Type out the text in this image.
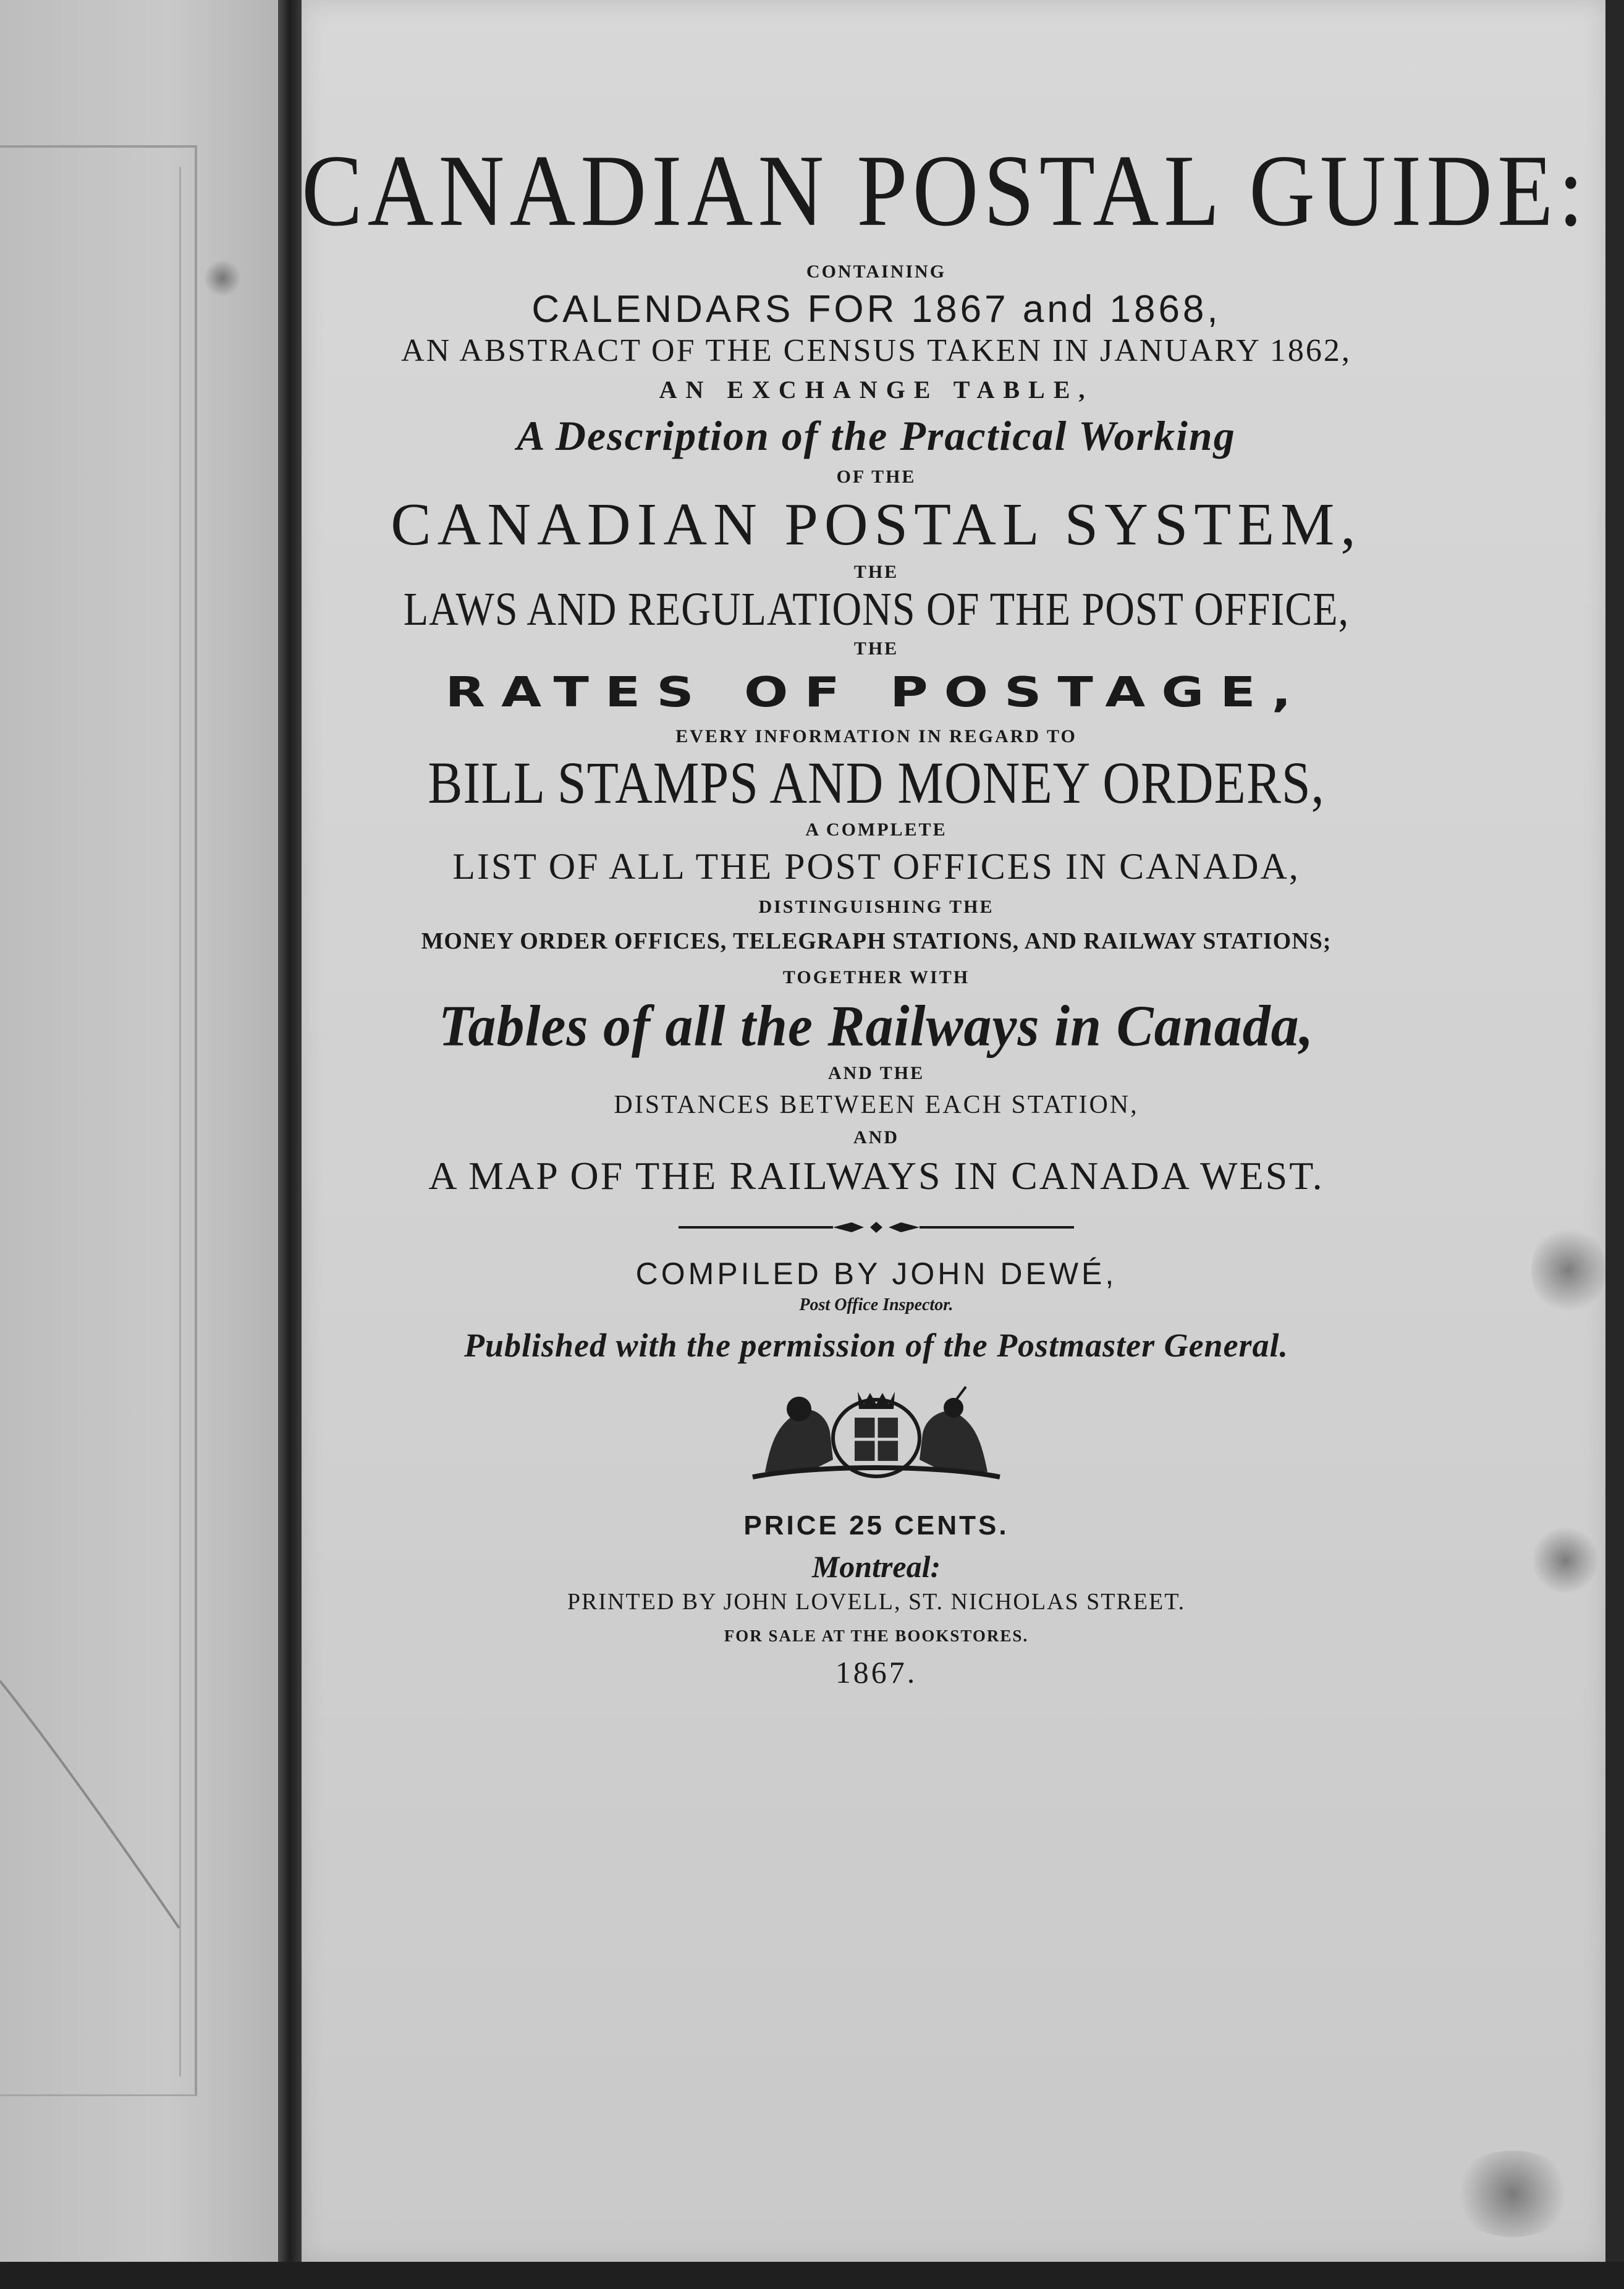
CANADIAN POSTAL GUIDE:
CONTAINING
CALENDARS FOR 1867 and 1868,
AN ABSTRACT OF THE CENSUS TAKEN IN JANUARY 1862,
AN EXCHANGE TABLE,
A Description of the Practical Working
OF THE
CANADIAN POSTAL SYSTEM,
THE
LAWS AND REGULATIONS OF THE POST OFFICE,
THE
RATES OF POSTAGE,
EVERY INFORMATION IN REGARD TO
BILL STAMPS AND MONEY ORDERS,
A COMPLETE
LIST OF ALL THE POST OFFICES IN CANADA,
DISTINGUISHING THE
MONEY ORDER OFFICES, TELEGRAPH STATIONS, AND RAILWAY STATIONS;
TOGETHER WITH
Tables of all the Railways in Canada,
AND THE
DISTANCES BETWEEN EACH STATION,
AND
A MAP OF THE RAILWAYS IN CANADA WEST.
COMPILED BY JOHN DEWÉ,
Post Office Inspector.
Published with the permission of the Postmaster General.
PRICE 25 CENTS.
Montreal:
PRINTED BY JOHN LOVELL, ST. NICHOLAS STREET.
FOR SALE AT THE BOOKSTORES.
1867.
